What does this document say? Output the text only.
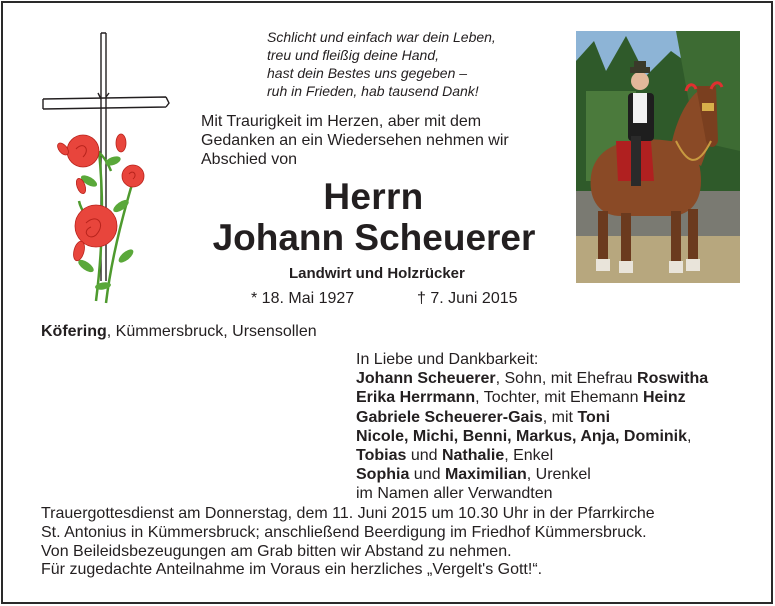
Schlicht und einfach war dein Leben,
treu und fleißig deine Hand,
hast dein Bestes uns gegeben –
ruh in Frieden, hab tausend Dank!
Mit Traurigkeit im Herzen, aber mit dem
Gedanken an ein Wiedersehen nehmen wir
Abschied von
Herrn
Johann Scheuerer
Landwirt und Holzrücker
* 18. Mai 1927	† 7. Juni 2015
Köfering, Kümmersbruck, Ursensollen
In Liebe und Dankbarkeit:
Johann Scheuerer, Sohn, mit Ehefrau Roswitha
Erika Herrmann, Tochter, mit Ehemann Heinz
Gabriele Scheuerer-Gais, mit Toni
Nicole, Michi, Benni, Markus, Anja, Dominik,
Tobias und Nathalie, Enkel
Sophia und Maximilian, Urenkel
im Namen aller Verwandten
Trauergottesdienst am Donnerstag, dem 11. Juni 2015 um 10.30 Uhr in der Pfarrkirche
St. Antonius in Kümmersbruck; anschließend Beerdigung im Friedhof Kümmersbruck.
Von Beileidsbezeugungen am Grab bitten wir Abstand zu nehmen.
Für zugedachte Anteilnahme im Voraus ein herzliches „Vergelt's Gott!“.
